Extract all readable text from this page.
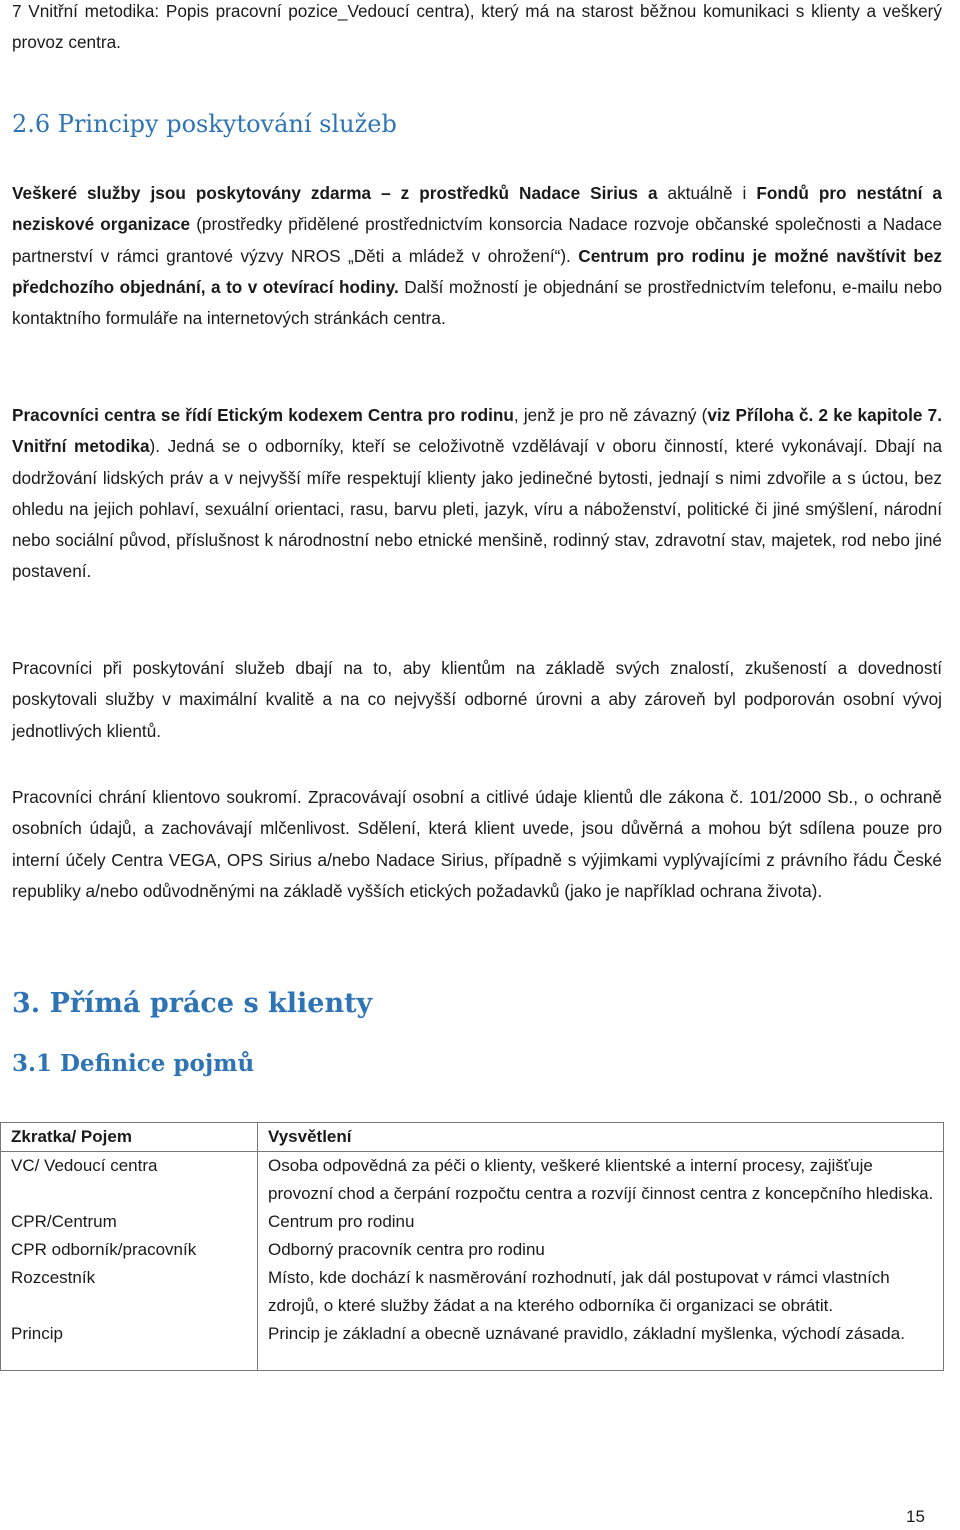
7 Vnitřní metodika: Popis pracovní pozice_Vedoucí centra), který má na starost běžnou komunikaci s klienty a veškerý provoz centra.

2.6 Principy poskytování služeb

Veškeré služby jsou poskytovány zdarma – z prostředků Nadace Sirius a aktuálně i Fondů pro nestátní a neziskové organizace (prostředky přidělené prostřednictvím konsorcia Nadace rozvoje občanské společnosti a Nadace partnerství v rámci grantové výzvy NROS „Děti a mládež v ohrožení“). Centrum pro rodinu je možné navštívit bez předchozího objednání, a to v otevírací hodiny. Další možností je objednání se prostřednictvím telefonu, e-mailu nebo kontaktního formuláře na internetových stránkách centra.

Pracovníci centra se řídí Etickým kodexem Centra pro rodinu, jenž je pro ně závazný (viz Příloha č. 2 ke kapitole 7. Vnitřní metodika). Jedná se o odborníky, kteří se celoživotně vzdělávají v oboru činností, které vykonávají. Dbají na dodržování lidských práv a v nejvyšší míře respektují klienty jako jedinečné bytosti, jednají s nimi zdvořile a s úctou, bez ohledu na jejich pohlaví, sexuální orientaci, rasu, barvu pleti, jazyk, víru a náboženství, politické či jiné smýšlení, národní nebo sociální původ, příslušnost k národnostní nebo etnické menšině, rodinný stav, zdravotní stav, majetek, rod nebo jiné postavení.

Pracovníci při poskytování služeb dbají na to, aby klientům na základě svých znalostí, zkušeností a dovedností poskytovali služby v maximální kvalitě a na co nejvyšší odborné úrovni a aby zároveň byl podporován osobní vývoj jednotlivých klientů.

Pracovníci chrání klientovo soukromí. Zpracovávají osobní a citlivé údaje klientů dle zákona č. 101/2000 Sb., o ochraně osobních údajů, a zachovávají mlčenlivost. Sdělení, která klient uvede, jsou důvěrná a mohou být sdílena pouze pro interní účely Centra VEGA, OPS Sirius a/nebo Nadace Sirius, případně s výjimkami vyplývajícími z právního řádu České republiky a/nebo odůvodněnými na základě vyšších etických požadavků (jako je například ochrana života).

3. Přímá práce s klienty
3.1 Definice pojmů
Zkratka/ Pojem	Vysvětlení
VC/ Vedoucí centra	Osoba odpovědná za péči o klienty, veškeré klientské a interní procesy, zajišťuje provozní chod a čerpání rozpočtu centra a rozvíjí činnost centra z koncepčního hlediska.
CPR/Centrum	Centrum pro rodinu
CPR odborník/pracovník	Odborný pracovník centra pro rodinu
Rozcestník	Místo, kde dochází k nasměrování rozhodnutí, jak dál postupovat v rámci vlastních zdrojů, o které služby žádat a na kterého odborníka či organizaci se obrátit.
Princip	Princip je základní a obecně uznávané pravidlo, základní myšlenka, východí zásada.

15
